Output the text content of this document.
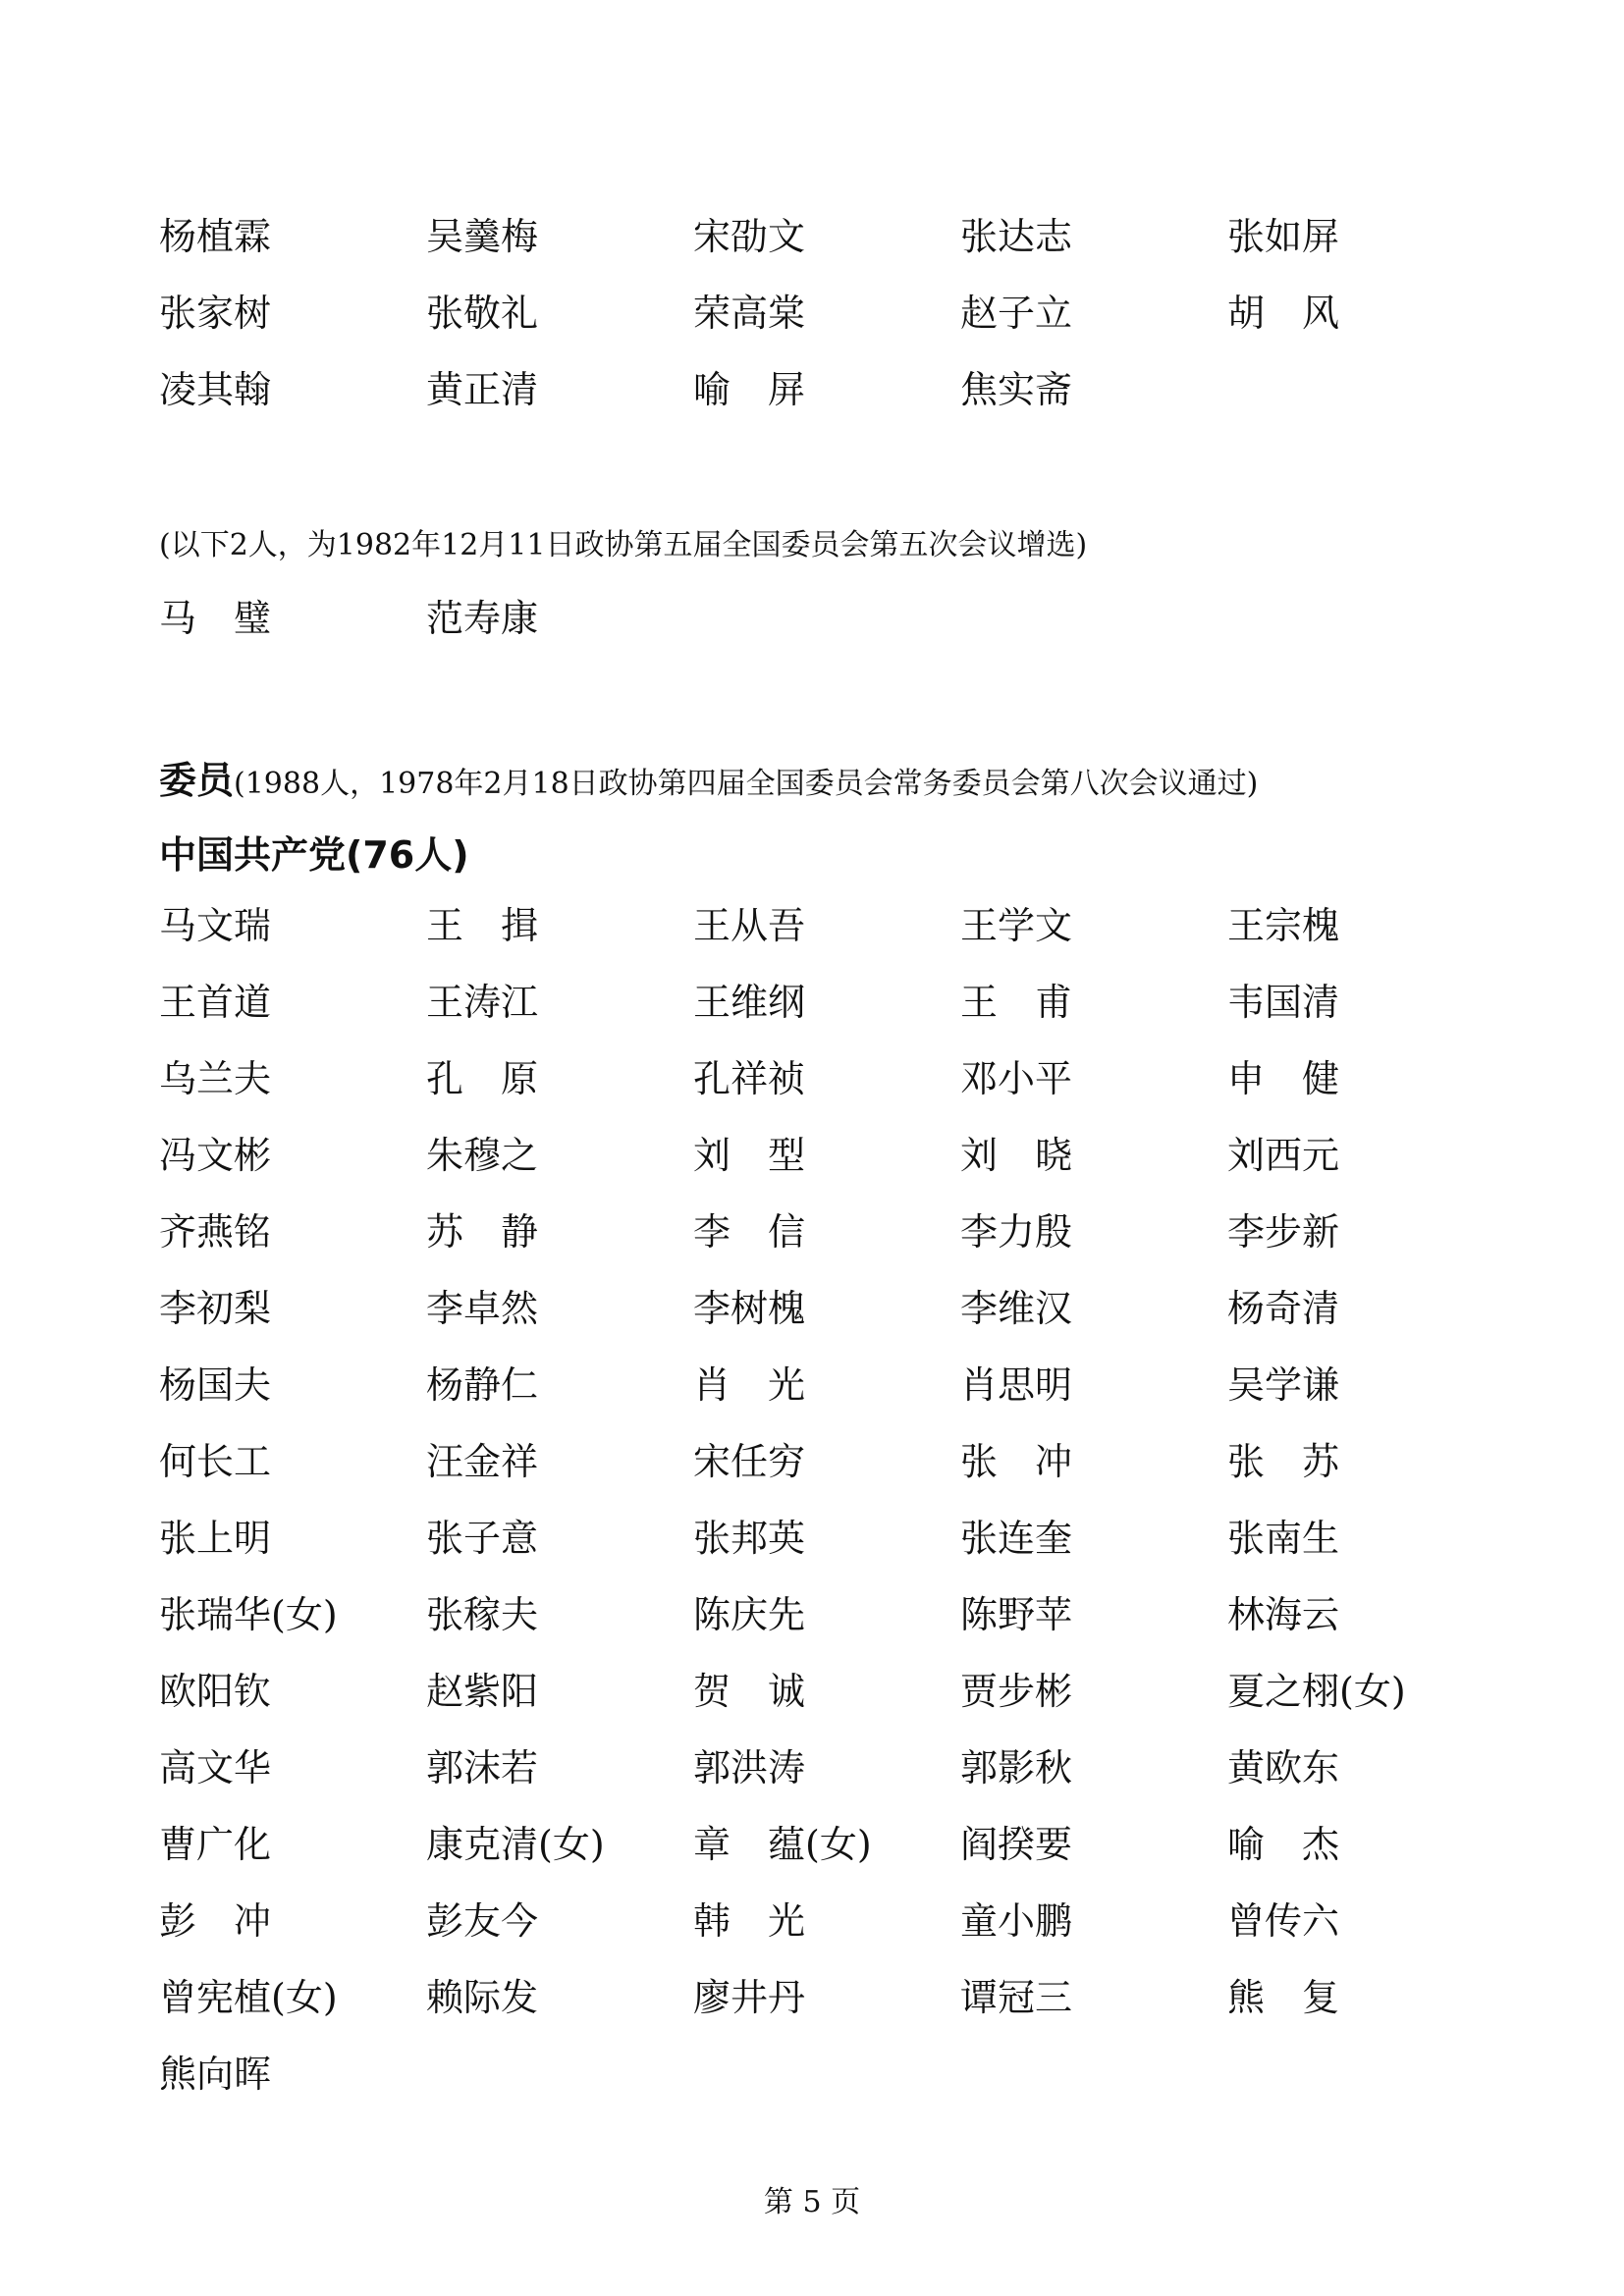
杨植霖	吴羹梅	宋劭文	张达志	张如屏
张家树	张敬礼	荣高棠	赵子立	胡　风
凌其翰	黄正清	喻　屏	焦实斋
(以下2人，为1982年12月11日政协第五届全国委员会第五次会议增选)
马　璧	范寿康
委员(1988人，1978年2月18日政协第四届全国委员会常务委员会第八次会议通过)
中国共产党(76人)
马文瑞	王　揖	王从吾	王学文	王宗槐
王首道	王涛江	王维纲	王　甫	韦国清
乌兰夫	孔　原	孔祥祯	邓小平	申　健
冯文彬	朱穆之	刘　型	刘　晓	刘西元
齐燕铭	苏　静	李　信	李力殷	李步新
李初梨	李卓然	李树槐	李维汉	杨奇清
杨国夫	杨静仁	肖　光	肖思明	吴学谦
何长工	汪金祥	宋任穷	张　冲	张　苏
张上明	张子意	张邦英	张连奎	张南生
张瑞华(女)	张稼夫	陈庆先	陈野苹	林海云
欧阳钦	赵紫阳	贺　诚	贾步彬	夏之栩(女)
高文华	郭沫若	郭洪涛	郭影秋	黄欧东
曹广化	康克清(女)	章　蕴(女)	阎揆要	喻　杰
彭　冲	彭友今	韩　光	童小鹏	曾传六
曾宪植(女)	赖际发	廖井丹	谭冠三	熊　复
熊向晖
第 5 页
